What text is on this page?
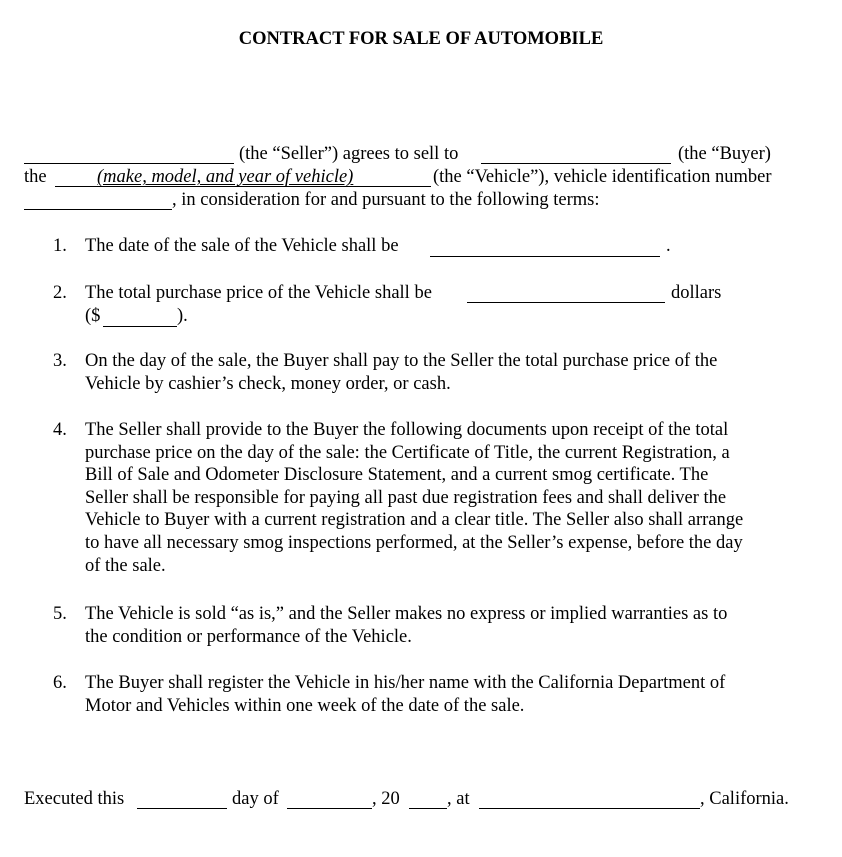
CONTRACT FOR SALE OF AUTOMOBILE
(the “Seller”) agrees to sell to	(the “Buyer)
the	(make, model, and year of vehicle)	(the “Vehicle”), vehicle identification number
, in consideration for and pursuant to the following terms:
1. The date of the sale of the Vehicle shall be	.
2. The total purchase price of the Vehicle shall be	dollars
($	).
3. On the day of the sale, the Buyer shall pay to the Seller the total purchase price of the
Vehicle by cashier’s check, money order, or cash.
4. The Seller shall provide to the Buyer the following documents upon receipt of the total
purchase price on the day of the sale: the Certificate of Title, the current Registration, a
Bill of Sale and Odometer Disclosure Statement, and a current smog certificate. The
Seller shall be responsible for paying all past due registration fees and shall deliver the
Vehicle to Buyer with a current registration and a clear title. The Seller also shall arrange
to have all necessary smog inspections performed, at the Seller’s expense, before the day
of the sale.
5. The Vehicle is sold “as is,” and the Seller makes no express or implied warranties as to
the condition or performance of the Vehicle.
6. The Buyer shall register the Vehicle in his/her name with the California Department of
Motor and Vehicles within one week of the date of the sale.
Executed this	day of	, 20	, at	, California.
